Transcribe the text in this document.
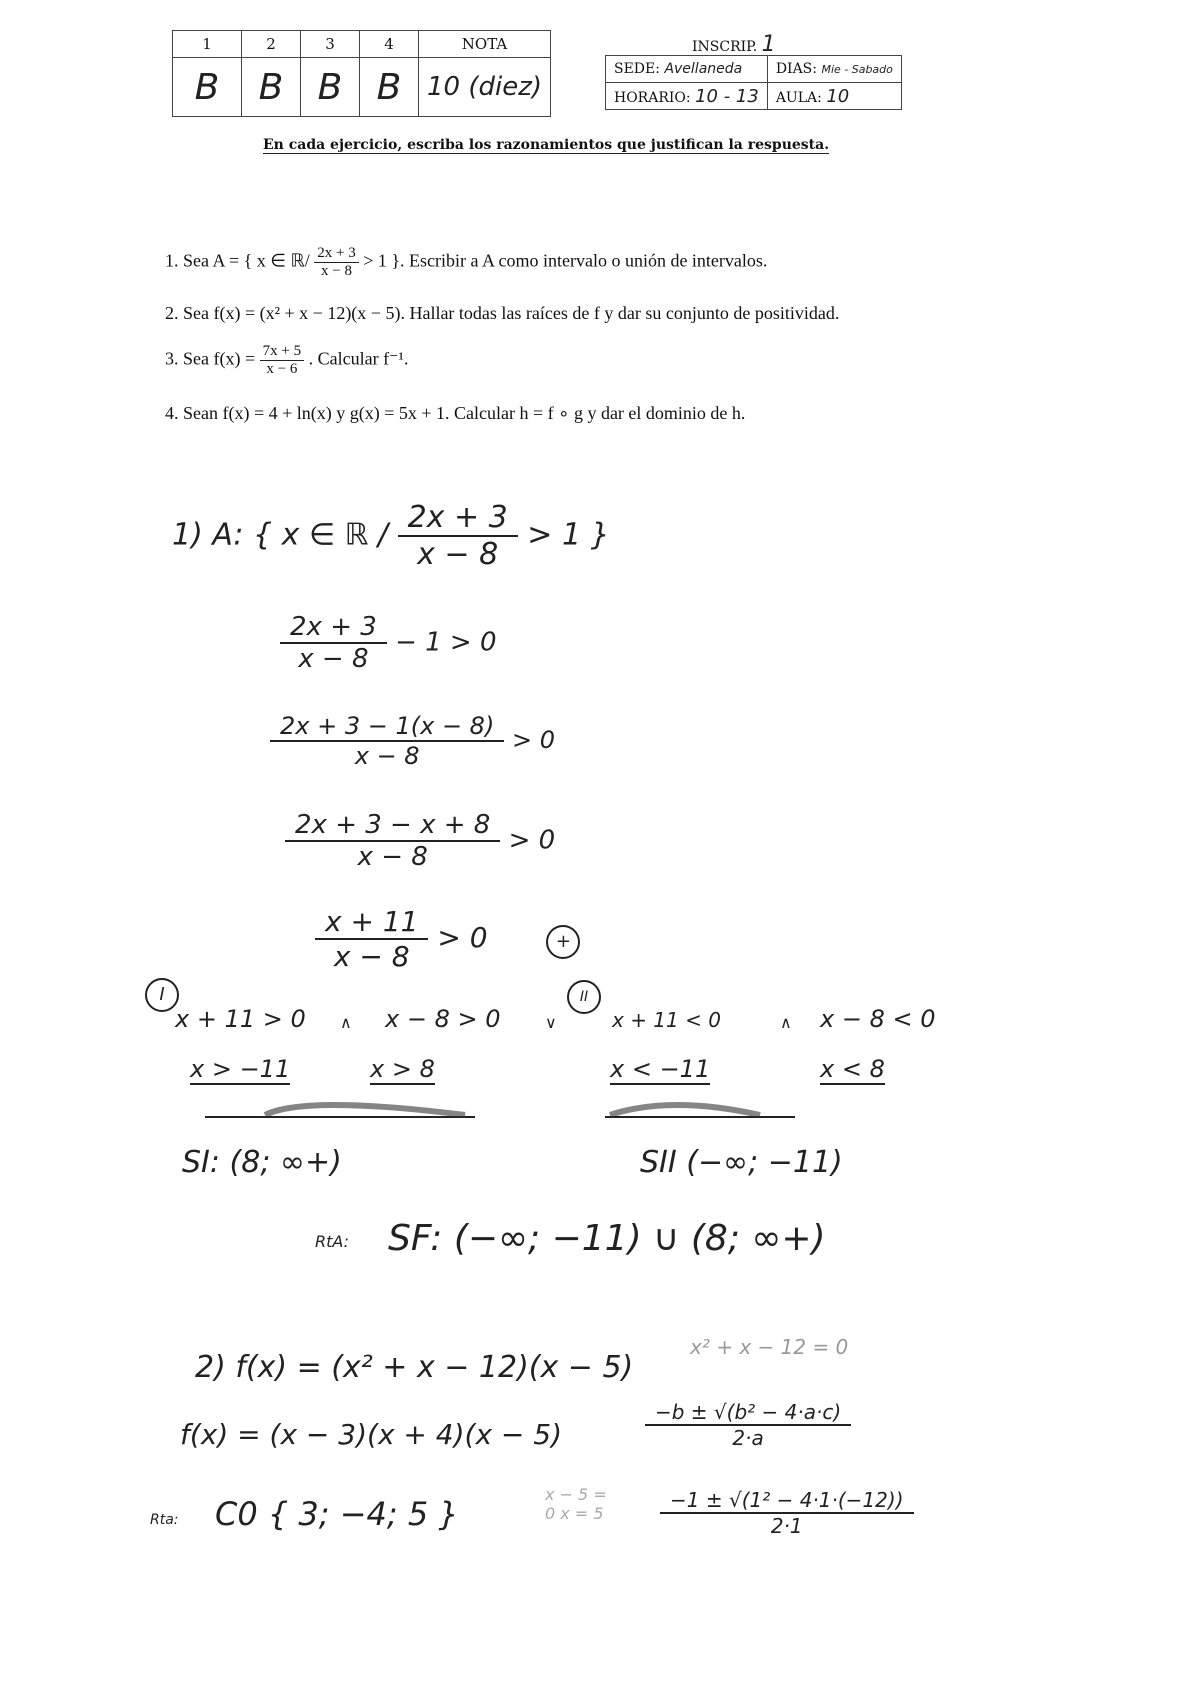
1	2	3	4	NOTA
B	B	B	B	10 (diez)
INSCRIP. 1
SEDE: Avellaneda	DIAS: Mie - Sabado
HORARIO: 10 - 13	AULA: 10
En cada ejercicio, escriba los razonamientos que justifican la respuesta.
1. Sea A = { x ∈ ℝ/ $\frac{2x + 3}{x - 8} > 1$ }. Escribir a A como intervalo o unión de intervalos.
2. Sea f(x) = (x² + x − 12)(x − 5). Hallar todas las raíces de f y dar su conjunto de positividad.
3. Sea $f(x) = \frac{7x + 5}{x - 6}$ . Calcular f⁻¹.
4. Sean f(x) = 4 + ln(x) y g(x) = 5x + 1. Calcular h = f ∘ g y dar el dominio de h.
1) A: { x ∈ ℝ / $\frac{2x + 3}{x - 8} > 1$ }
$\frac{2x + 3}{x - 8} - 1 > 0$
$\frac{2x + 3 - 1(x - 8)}{x - 8} > 0$
$\frac{2x + 3 - x + 8}{x - 8} > 0$
$\frac{x + 11}{x - 8} > 0$	+
I	II
x + 11 > 0 ∧ x − 8 > 0	∨	x + 11 < 0	∧ x − 8 < 0
x > −11	x > 8	x < −11	x < 8
SI: (8; ∞+)	SII (−∞; −11)
RtA: SF: (−∞; −11) ∪ (8; ∞+)
2) f(x) = (x² + x − 12)(x − 5)
x² + x − 12 = 0
$\frac{\text{−b ± √(b² − 4·a·c)}}{2\cdot a}$
f(x) = (x − 3)(x + 4)(x − 5)
Rta: C0 { 3; −4; 5 }
x − 5 = 0 x = 5	$\frac{\text{−1 ± √(1² − 4·1·(−12))}}{2\cdot 1}$
